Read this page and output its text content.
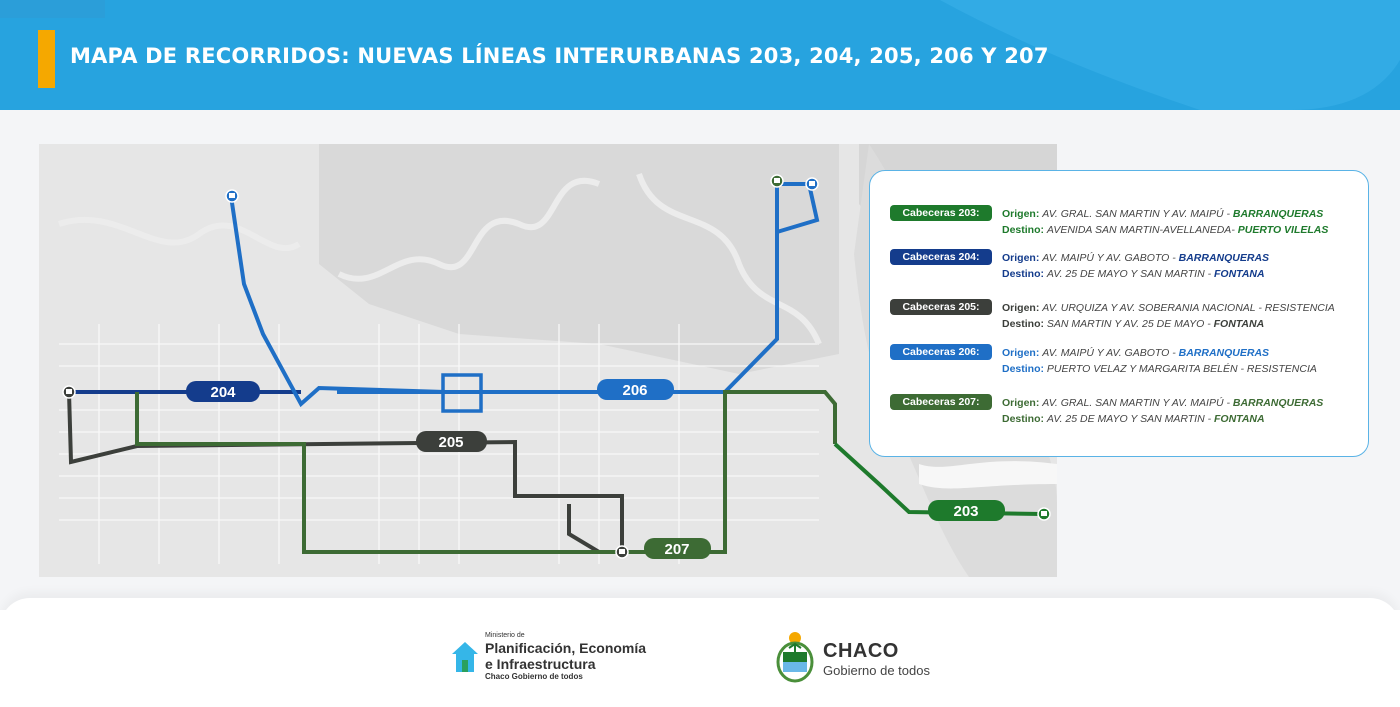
MAPA DE RECORRIDOS: NUEVAS LÍNEAS INTERURBANAS 203, 204, 205, 206 Y 207
204	206
205
207
203
Cabeceras 203:	Origen: AV. GRAL. SAN MARTIN Y AV. MAIPÚ - BARRANQUERAS
Destino: AVENIDA SAN MARTIN-AVELLANEDA- PUERTO VILELAS
Cabeceras 204:	Origen: AV. MAIPÚ Y AV. GABOTO - BARRANQUERAS
Destino: AV. 25 DE MAYO Y SAN MARTIN - FONTANA
Cabeceras 205:	Origen: AV. URQUIZA Y AV. SOBERANIA NACIONAL - RESISTENCIA
Destino: SAN MARTIN Y AV. 25 DE MAYO - FONTANA
Cabeceras 206:	Origen: AV. MAIPÚ Y AV. GABOTO - BARRANQUERAS
Destino: PUERTO VELAZ Y MARGARITA BELÉN - RESISTENCIA
Cabeceras 207:	Origen: AV. GRAL. SAN MARTIN Y AV. MAIPÚ - BARRANQUERAS
Destino: AV. 25 DE MAYO Y SAN MARTIN - FONTANA
Ministerio de
Planificación, Economía
e Infraestructura
Chaco Gobierno de todos
CHACO
Gobierno de todos
